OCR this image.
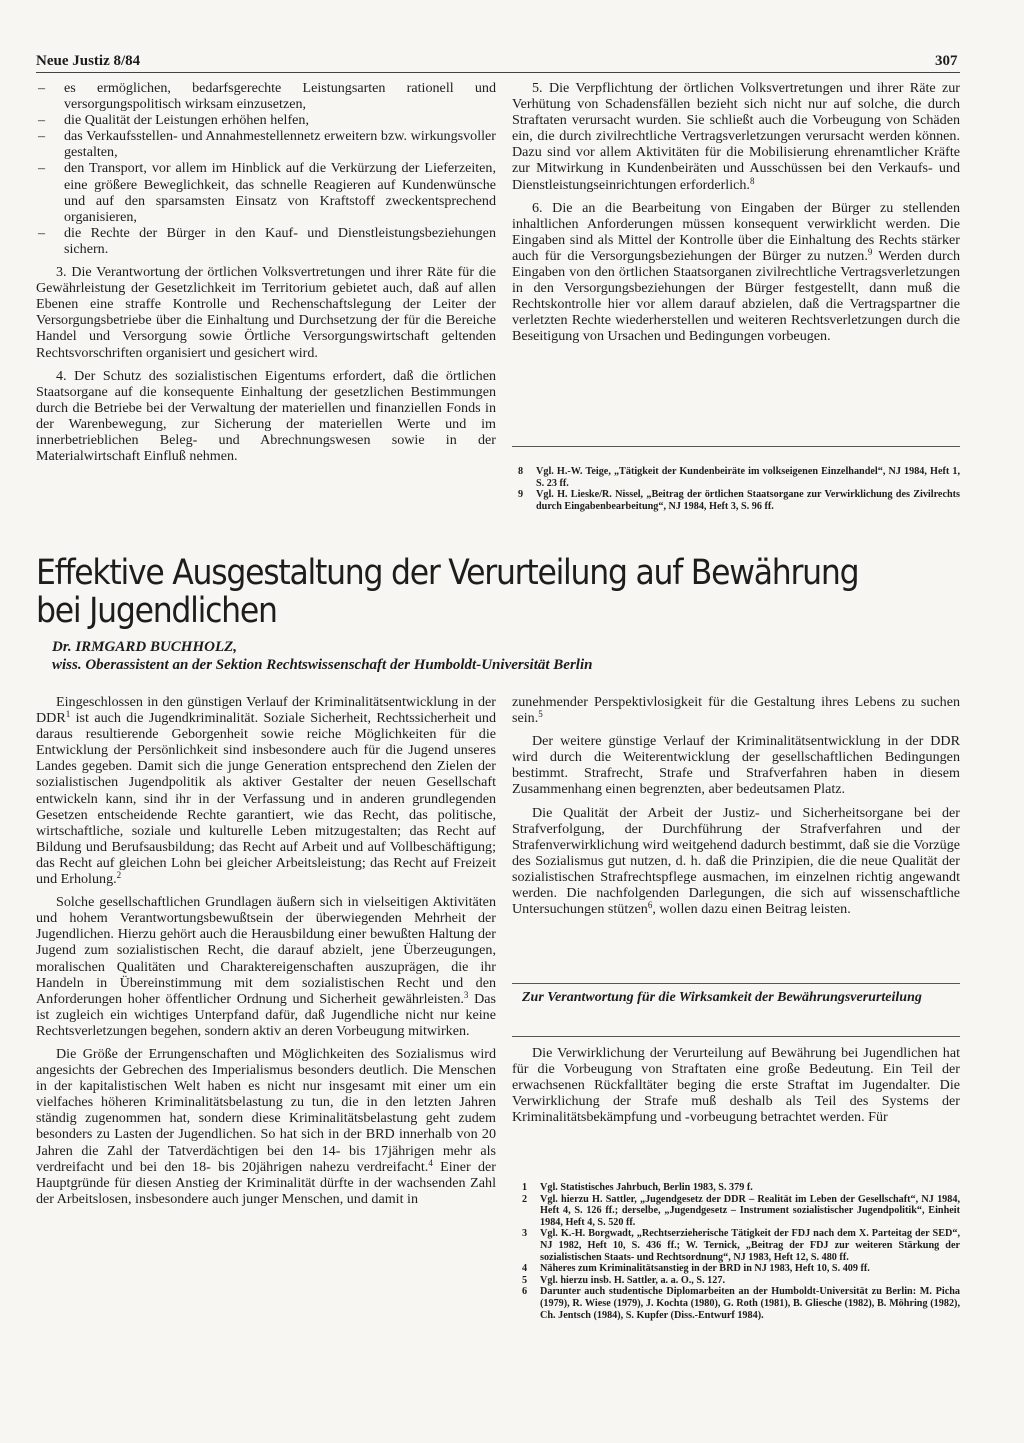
Neue Justiz 8/84	307
– es ermöglichen, bedarfsgerechte Leistungsarten rationell und versorgungspolitisch wirksam einzusetzen,
– die Qualität der Leistungen erhöhen helfen,
– das Verkaufsstellen- und Annahmestellennetz erweitern bzw. wirkungsvoller gestalten,
– den Transport, vor allem im Hinblick auf die Verkürzung der Lieferzeiten, eine größere Beweglichkeit, das schnelle Reagieren auf Kundenwünsche und auf den sparsamsten Einsatz von Kraftstoff zweckentsprechend organisieren,
– die Rechte der Bürger in den Kauf- und Dienstleistungsbeziehungen sichern.

3. Die Verantwortung der örtlichen Volksvertretungen und ihrer Räte für die Gewährleistung der Gesetzlichkeit im Territorium gebietet auch, daß auf allen Ebenen eine straffe Kontrolle und Rechenschaftslegung der Leiter der Versorgungsbetriebe über die Einhaltung und Durchsetzung der für die Bereiche Handel und Versorgung sowie Örtliche Versorgungswirtschaft geltenden Rechtsvorschriften organisiert und gesichert wird.

4. Der Schutz des sozialistischen Eigentums erfordert, daß die örtlichen Staatsorgane auf die konsequente Einhaltung der gesetzlichen Bestimmungen durch die Betriebe bei der Verwaltung der materiellen und finanziellen Fonds in der Warenbewegung, zur Sicherung der materiellen Werte und im innerbetrieblichen Beleg- und Abrechnungswesen sowie in der Materialwirtschaft Einfluß nehmen.

5. Die Verpflichtung der örtlichen Volksvertretungen und ihrer Räte zur Verhütung von Schadensfällen bezieht sich nicht nur auf solche, die durch Straftaten verursacht wurden. Sie schließt auch die Vorbeugung von Schäden ein, die durch zivilrechtliche Vertragsverletzungen verursacht werden können. Dazu sind vor allem Aktivitäten für die Mobilisierung ehrenamtlicher Kräfte zur Mitwirkung in Kundenbeiräten und Ausschüssen bei den Verkaufs- und Dienstleistungseinrichtungen erforderlich.$^8$

6. Die an die Bearbeitung von Eingaben der Bürger zu stellenden inhaltlichen Anforderungen müssen konsequent verwirklicht werden. Die Eingaben sind als Mittel der Kontrolle über die Einhaltung des Rechts stärker auch für die Versorgungsbeziehungen der Bürger zu nutzen.$^9$ Werden durch Eingaben von den örtlichen Staatsorganen zivilrechtliche Vertragsverletzungen in den Versorgungsbeziehungen der Bürger festgestellt, dann muß die Rechtskontrolle hier vor allem darauf abzielen, daß die Vertragspartner die verletzten Rechte wiederherstellen und weiteren Rechtsverletzungen durch die Beseitigung von Ursachen und Bedingungen vorbeugen.

8 Vgl. H.-W. Teige, „Tätigkeit der Kundenbeiräte im volkseigenen Einzelhandel“, NJ 1984, Heft 1, S. 23 ff.
9 Vgl. H. Lieske/R. Nissel, „Beitrag der örtlichen Staatsorgane zur Verwirklichung des Zivilrechts durch Eingabenbearbeitung“, NJ 1984, Heft 3, S. 96 ff.
Effektive Ausgestaltung der Verurteilung auf Bewährung bei Jugendlichen
Dr. IRMGARD BUCHHOLZ,
wiss. Oberassistent an der Sektion Rechtswissenschaft der Humboldt-Universität Berlin

Eingeschlossen in den günstigen Verlauf der Kriminalitätsentwicklung in der DDR$^1$ ist auch die Jugendkriminalität. Soziale Sicherheit, Rechtssicherheit und daraus resultierende Geborgenheit sowie reiche Möglichkeiten für die Entwicklung der Persönlichkeit sind insbesondere auch für die Jugend unseres Landes gegeben. Damit sich die junge Generation entsprechend den Zielen der sozialistischen Jugendpolitik als aktiver Gestalter der neuen Gesellschaft entwickeln kann, sind ihr in der Verfassung und in anderen grundlegenden Gesetzen entscheidende Rechte garantiert, wie das Recht, das politische, wirtschaftliche, soziale und kulturelle Leben mitzugestalten; das Recht auf Bildung und Berufsausbildung; das Recht auf Arbeit und auf Vollbeschäftigung; das Recht auf gleichen Lohn bei gleicher Arbeitsleistung; das Recht auf Freizeit und Erholung.$^2$

Solche gesellschaftlichen Grundlagen äußern sich in vielseitigen Aktivitäten und hohem Verantwortungsbewußtsein der überwiegenden Mehrheit der Jugendlichen. Hierzu gehört auch die Herausbildung einer bewußten Haltung der Jugend zum sozialistischen Recht, die darauf abzielt, jene Überzeugungen, moralischen Qualitäten und Charaktereigenschaften auszuprägen, die ihr Handeln in Übereinstimmung mit dem sozialistischen Recht und den Anforderungen hoher öffentlicher Ordnung und Sicherheit gewährleisten.$^3$ Das ist zugleich ein wichtiges Unterpfand dafür, daß Jugendliche nicht nur keine Rechtsverletzungen begehen, sondern aktiv an deren Vorbeugung mitwirken.

Die Größe der Errungenschaften und Möglichkeiten des Sozialismus wird angesichts der Gebrechen des Imperialismus besonders deutlich. Die Menschen in der kapitalistischen Welt haben es nicht nur insgesamt mit einer um ein vielfaches höheren Kriminalitätsbelastung zu tun, die in den letzten Jahren ständig zugenommen hat, sondern diese Kriminalitätsbelastung geht zudem besonders zu Lasten der Jugendlichen. So hat sich in der BRD innerhalb von 20 Jahren die Zahl der Tatverdächtigen bei den 14- bis 17jährigen mehr als verdreifacht und bei den 18- bis 20jährigen nahezu verdreifacht.$^4$ Einer der Hauptgründe für diesen Anstieg der Kriminalität dürfte in der wachsenden Zahl der Arbeitslosen, insbesondere auch junger Menschen, und damit in

zunehmender Perspektivlosigkeit für die Gestaltung ihres Lebens zu suchen sein.$^5$

Der weitere günstige Verlauf der Kriminalitätsentwicklung in der DDR wird durch die Weiterentwicklung der gesellschaftlichen Bedingungen bestimmt. Strafrecht, Strafe und Strafverfahren haben in diesem Zusammenhang einen begrenzten, aber bedeutsamen Platz.

Die Qualität der Arbeit der Justiz- und Sicherheitsorgane bei der Strafverfolgung, der Durchführung der Strafverfahren und der Strafenverwirklichung wird weitgehend dadurch bestimmt, daß sie die Vorzüge des Sozialismus gut nutzen, d. h. daß die Prinzipien, die die neue Qualität der sozialistischen Strafrechtspflege ausmachen, im einzelnen richtig angewandt werden. Die nachfolgenden Darlegungen, die sich auf wissenschaftliche Untersuchungen stützen$^6$, wollen dazu einen Beitrag leisten.

Zur Verantwortung für die Wirksamkeit der Bewährungsverurteilung

Die Verwirklichung der Verurteilung auf Bewährung bei Jugendlichen hat für die Vorbeugung von Straftaten eine große Bedeutung. Ein Teil der erwachsenen Rückfalltäter beging die erste Straftat im Jugendalter. Die Verwirklichung der Strafe muß deshalb als Teil des Systems der Kriminalitätsbekämpfung und -vorbeugung betrachtet werden. Für

1 Vgl. Statistisches Jahrbuch, Berlin 1983, S. 379 f.
2 Vgl. hierzu H. Sattler, „Jugendgesetz der DDR – Realität im Leben der Gesellschaft“, NJ 1984, Heft 4, S. 126 ff.; derselbe, „Jugendgesetz – Instrument sozialistischer Jugendpolitik“, Einheit 1984, Heft 4, S. 520 ff.
3 Vgl. K.-H. Borgwadt, „Rechtserzieherische Tätigkeit der FDJ nach dem X. Parteitag der SED“, NJ 1982, Heft 10, S. 436 ff.; W. Ternick, „Beitrag der FDJ zur weiteren Stärkung der sozialistischen Staats- und Rechtsordnung“, NJ 1983, Heft 12, S. 480 ff.
4 Näheres zum Kriminalitätsanstieg in der BRD in NJ 1983, Heft 10, S. 409 ff.
5 Vgl. hierzu insb. H. Sattler, a. a. O., S. 127.
6 Darunter auch studentische Diplomarbeiten an der Humboldt-Universität zu Berlin: M. Picha (1979), R. Wiese (1979), J. Kochta (1980), G. Roth (1981), B. Gliesche (1982), B. Möhring (1982), Ch. Jentsch (1984), S. Kupfer (Diss.-Entwurf 1984).
